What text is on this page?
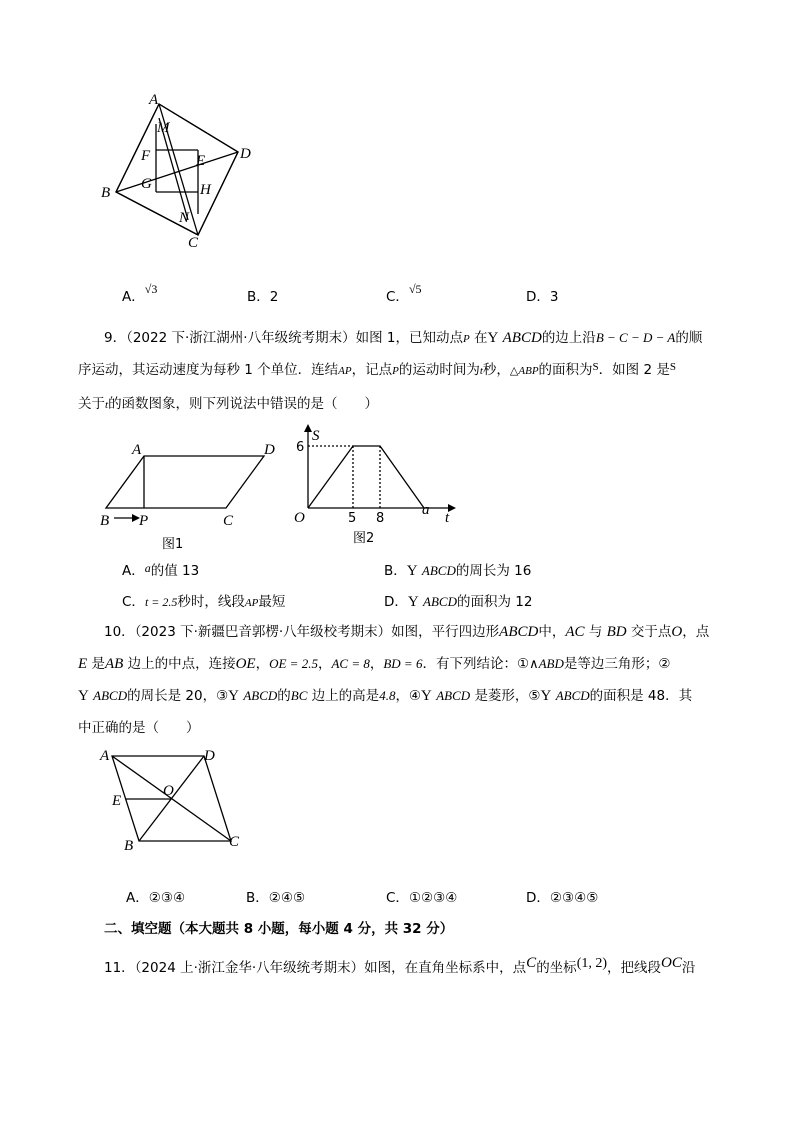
A
M
F	E D
G	H
B
N
C
A．√3	B．2	C．√5	D．3
9．（2022 下·浙江湖州·八年级统考期末）如图 1，已知动点P 在Y ABCD的边上沿B − C − D − A的顺
序运动，其运动速度为每秒 1 个单位．连结AP，记点P的运动时间为t秒，△ABP的面积为$^S$．如图 2 是$^S$
关于t的函数图象，则下列说法中错误的是（　　）
A	D
B P	C
图1
S
6
O	5 8
a t
图2
A．a的值 13	B．Y ABCD的周长为 16
C．t = 2.5秒时，线段AP最短	D．Y ABCD的面积为 12
10．（2023 下·新疆巴音郭楞·八年级校考期末）如图，平行四边形ABCD中，AC 与 BD 交于点O，点
E 是AB 边上的中点，连接OE，OE = 2.5，AC = 8，BD = 6．有下列结论：①∧ABD是等边三角形；②
Y ABCD的周长是 20，③Y ABCD的BC 边上的高是4.8，④Y ABCD 是菱形，⑤Y ABCD的面积是 48．其
中正确的是（　　）
A	D
E
O
B	C
A．②③④	B．②④⑤	C．①②③④	D．②③④⑤
二、填空题（本大题共 8 小题，每小题 4 分，共 32 分）
11．（2024 上·浙江金华·八年级统考期末）如图，在直角坐标系中，点C的坐标(1, 2)，把线段OC沿
